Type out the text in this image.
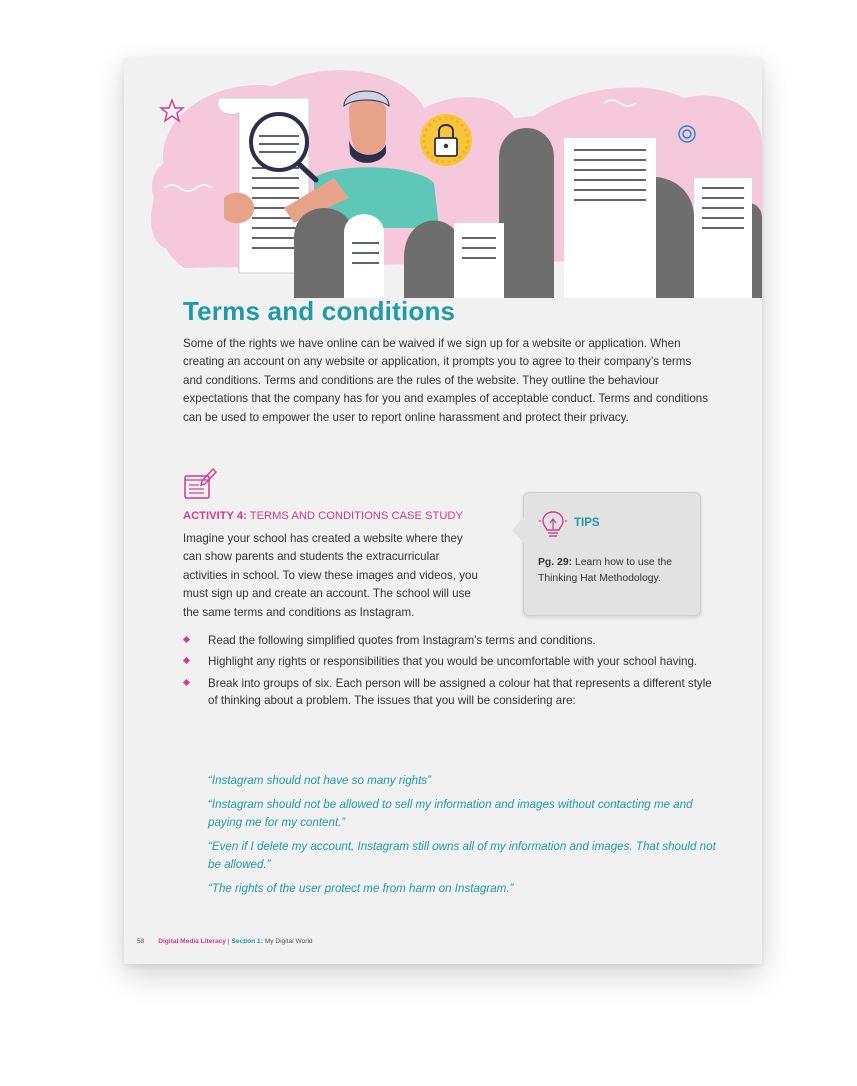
Terms and conditions

Some of the rights we have online can be waived if we sign up for a website or application. When creating an account on any website or application, it prompts you to agree to their company’s terms and conditions. Terms and conditions are the rules of the website. They outline the behaviour expectations that the company has for you and examples of acceptable conduct. Terms and conditions can be used to empower the user to report online harassment and protect their privacy.

ACTIVITY 4: TERMS AND CONDITIONS CASE STUDY

Imagine your school has created a website where they can show parents and students the extracurricular activities in school. To view these images and videos, you must sign up and create an account. The school will use the same terms and conditions as Instagram.

TIPS
Pg. 29: Learn how to use the Thinking Hat Methodology.
Read the following simplified quotes from Instagram’s terms and conditions.
Highlight any rights or responsibilities that you would be uncomfortable with your school having.
Break into groups of six. Each person will be assigned a colour hat that represents a different style of thinking about a problem. The issues that you will be considering are:
“Instagram should not have so many rights”
“Instagram should not be allowed to sell my information and images without contacting me and paying me for my content.”
“Even if I delete my account, Instagram still owns all of my information and images. That should not be allowed.”
“The rights of the user protect me from harm on Instagram.”
58 Digital Media Literacy | Section 1: My Digital World
